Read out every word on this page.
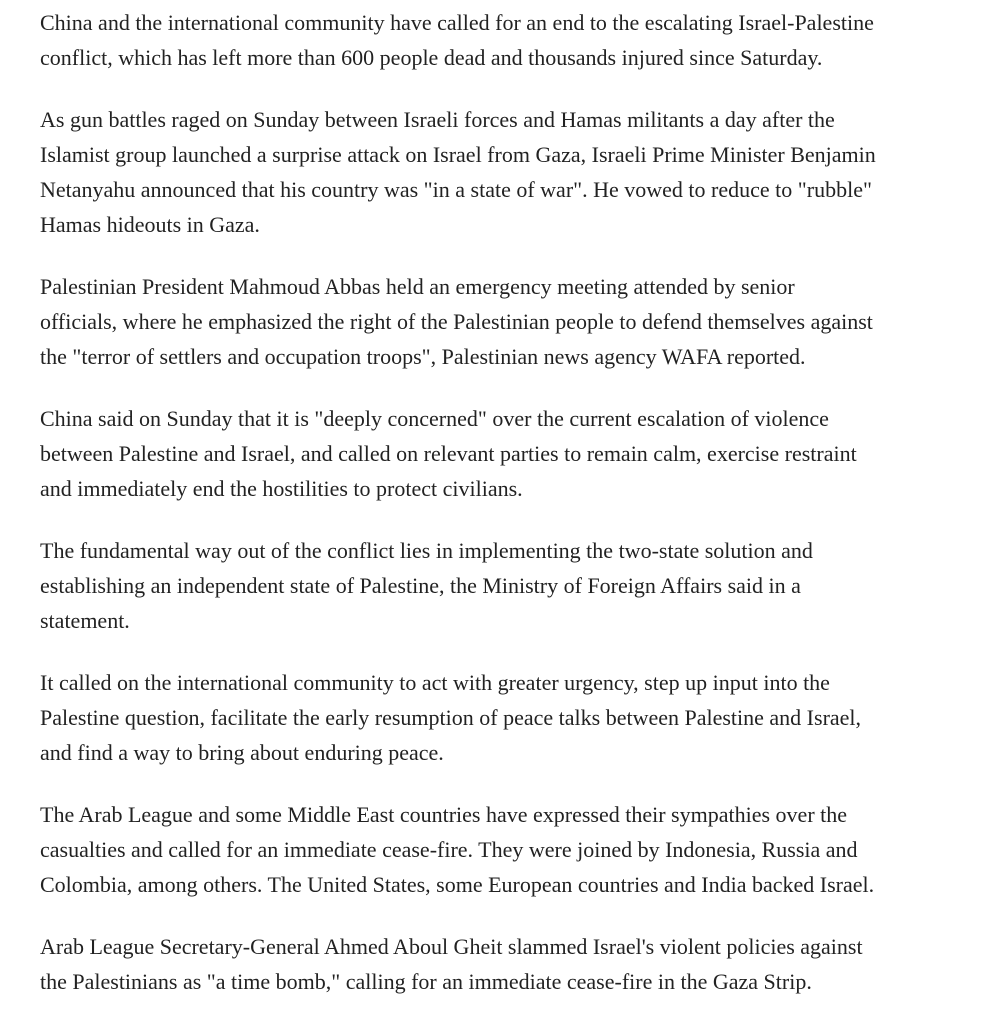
China and the international community have called for an end to the escalating Israel-Palestine
conflict, which has left more than 600 people dead and thousands injured since Saturday.

As gun battles raged on Sunday between Israeli forces and Hamas militants a day after the
Islamist group launched a surprise attack on Israel from Gaza, Israeli Prime Minister Benjamin
Netanyahu announced that his country was "in a state of war". He vowed to reduce to "rubble"
Hamas hideouts in Gaza.

Palestinian President Mahmoud Abbas held an emergency meeting attended by senior
officials, where he emphasized the right of the Palestinian people to defend themselves against
the "terror of settlers and occupation troops", Palestinian news agency WAFA reported.

China said on Sunday that it is "deeply concerned" over the current escalation of violence
between Palestine and Israel, and called on relevant parties to remain calm, exercise restraint
and immediately end the hostilities to protect civilians.

The fundamental way out of the conflict lies in implementing the two-state solution and
establishing an independent state of Palestine, the Ministry of Foreign Affairs said in a
statement.

It called on the international community to act with greater urgency, step up input into the
Palestine question, facilitate the early resumption of peace talks between Palestine and Israel,
and find a way to bring about enduring peace.

The Arab League and some Middle East countries have expressed their sympathies over the
casualties and called for an immediate cease-fire. They were joined by Indonesia, Russia and
Colombia, among others. The United States, some European countries and India backed Israel.

Arab League Secretary-General Ahmed Aboul Gheit slammed Israel's violent policies against
the Palestinians as "a time bomb," calling for an immediate cease-fire in the Gaza Strip.
